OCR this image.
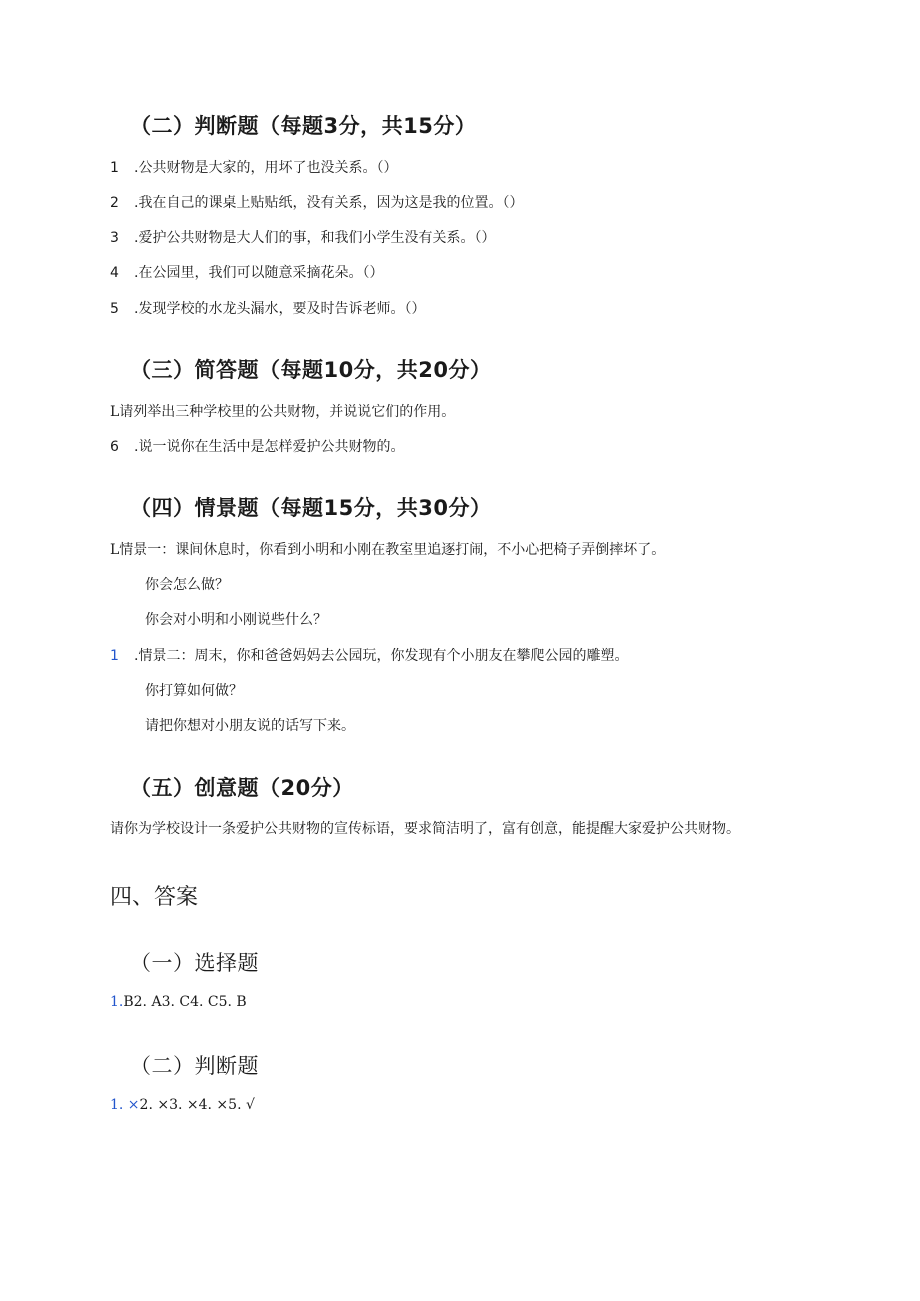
（二）判断题（每题3分，共15分）
1 .公共财物是大家的，用坏了也没关系。（）
2 .我在自己的课桌上贴贴纸，没有关系，因为这是我的位置。（）
3 .爱护公共财物是大人们的事，和我们小学生没有关系。（）
4 .在公园里，我们可以随意采摘花朵。（）
5 .发现学校的水龙头漏水，要及时告诉老师。（）
（三）简答题（每题10分，共20分）
L请列举出三种学校里的公共财物，并说说它们的作用。
6 .说一说你在生活中是怎样爱护公共财物的。
（四）情景题（每题15分，共30分）
L情景一：课间休息时，你看到小明和小刚在教室里追逐打闹，不小心把椅子弄倒摔坏了。
你会怎么做？
你会对小明和小刚说些什么？
1 .情景二：周末，你和爸爸妈妈去公园玩，你发现有个小朋友在攀爬公园的雕塑。
你打算如何做？
请把你想对小朋友说的话写下来。
（五）创意题（20分）
请你为学校设计一条爱护公共财物的宣传标语，要求简洁明了，富有创意，能提醒大家爱护公共财物。
四、答案
（一）选择题
1.B2. A3. C4. C5. B
（二）判断题
1. ×2. ×3. ×4. ×5. √
